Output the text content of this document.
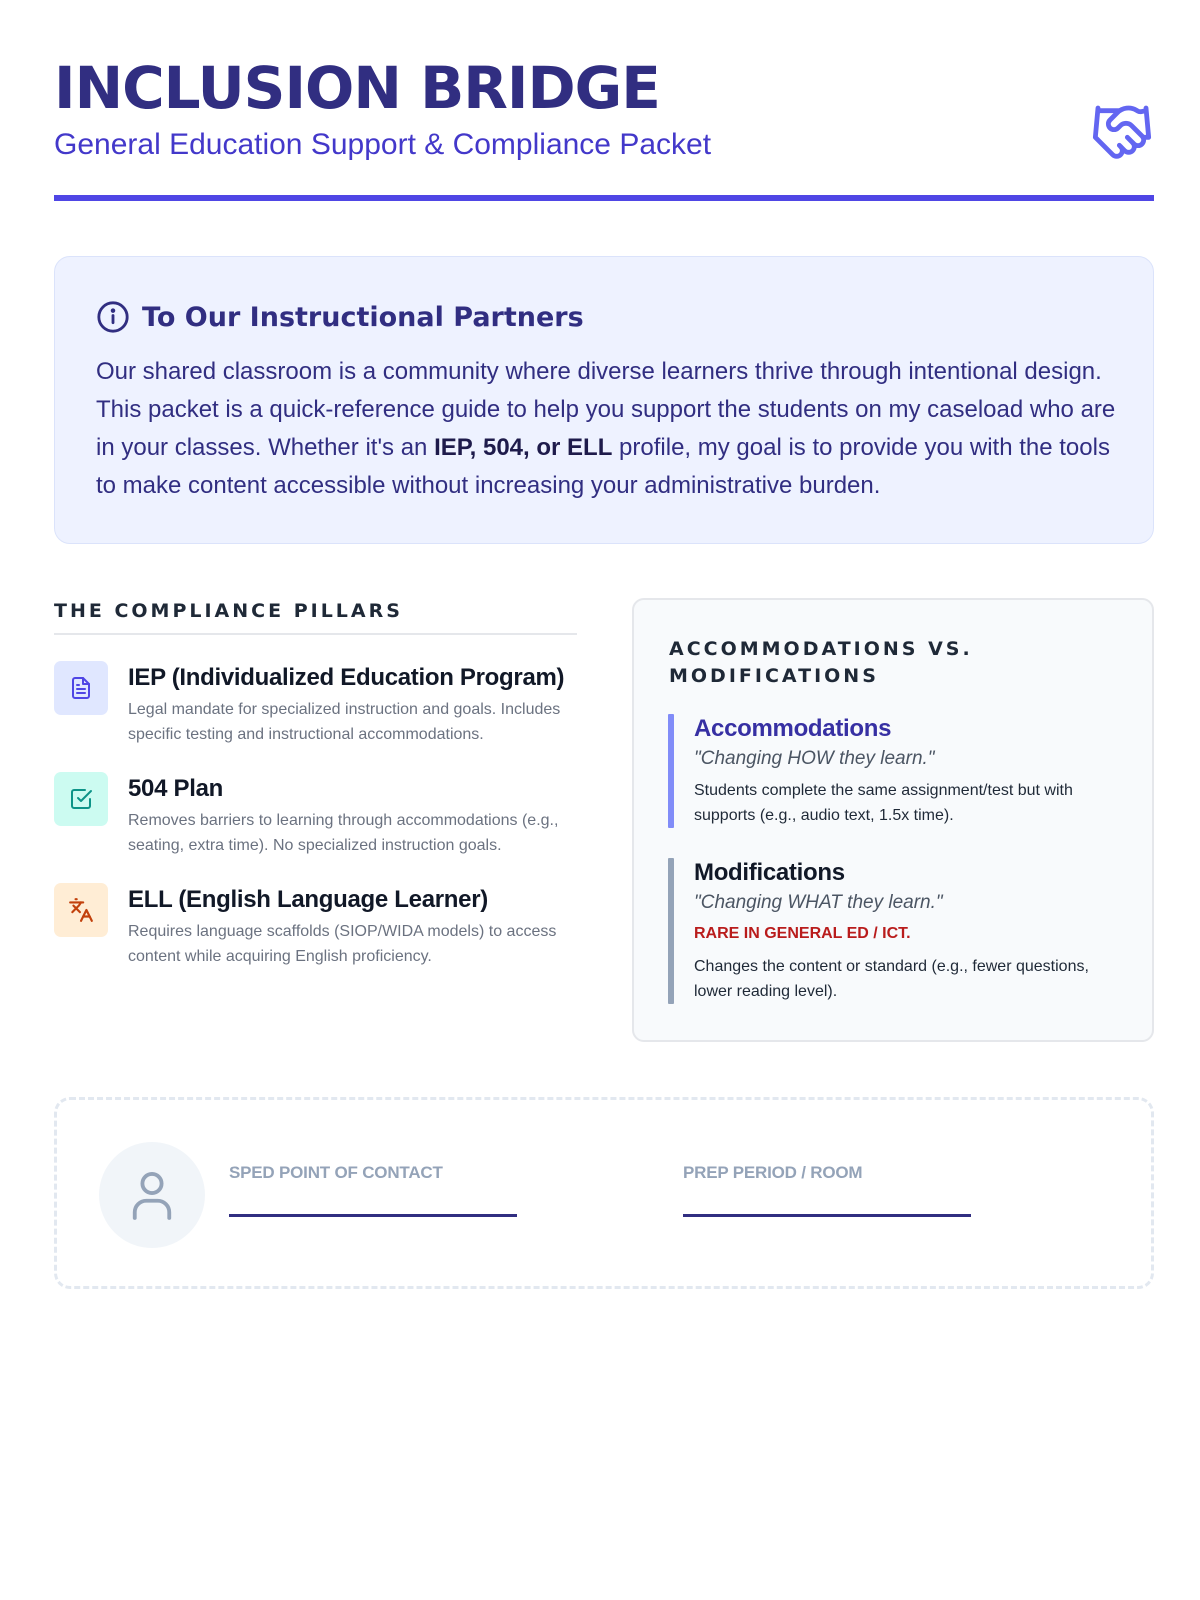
INCLUSION BRIDGE
General Education Support & Compliance Packet
To Our Instructional Partners

Our shared classroom is a community where diverse learners thrive through intentional design. This packet is a quick-reference guide to help you support the students on my caseload who are in your classes. Whether it's an IEP, 504, or ELL profile, my goal is to provide you with the tools to make content accessible without increasing your administrative burden.

THE COMPLIANCE PILLARS
IEP (Individualized Education Program)
Legal mandate for specialized instruction and goals. Includes specific testing and instructional accommodations.
504 Plan
Removes barriers to learning through accommodations (e.g., seating, extra time). No specialized instruction goals.
ELL (English Language Learner)
Requires language scaffolds (SIOP/WIDA models) to access content while acquiring English proficiency.
ACCOMMODATIONS VS. MODIFICATIONS
Accommodations
"Changing HOW they learn."
Students complete the same assignment/test but with supports (e.g., audio text, 1.5x time).
Modifications
"Changing WHAT they learn."
RARE IN GENERAL ED / ICT.
Changes the content or standard (e.g., fewer questions, lower reading level).
SPED POINT OF CONTACT	PREP PERIOD / ROOM
